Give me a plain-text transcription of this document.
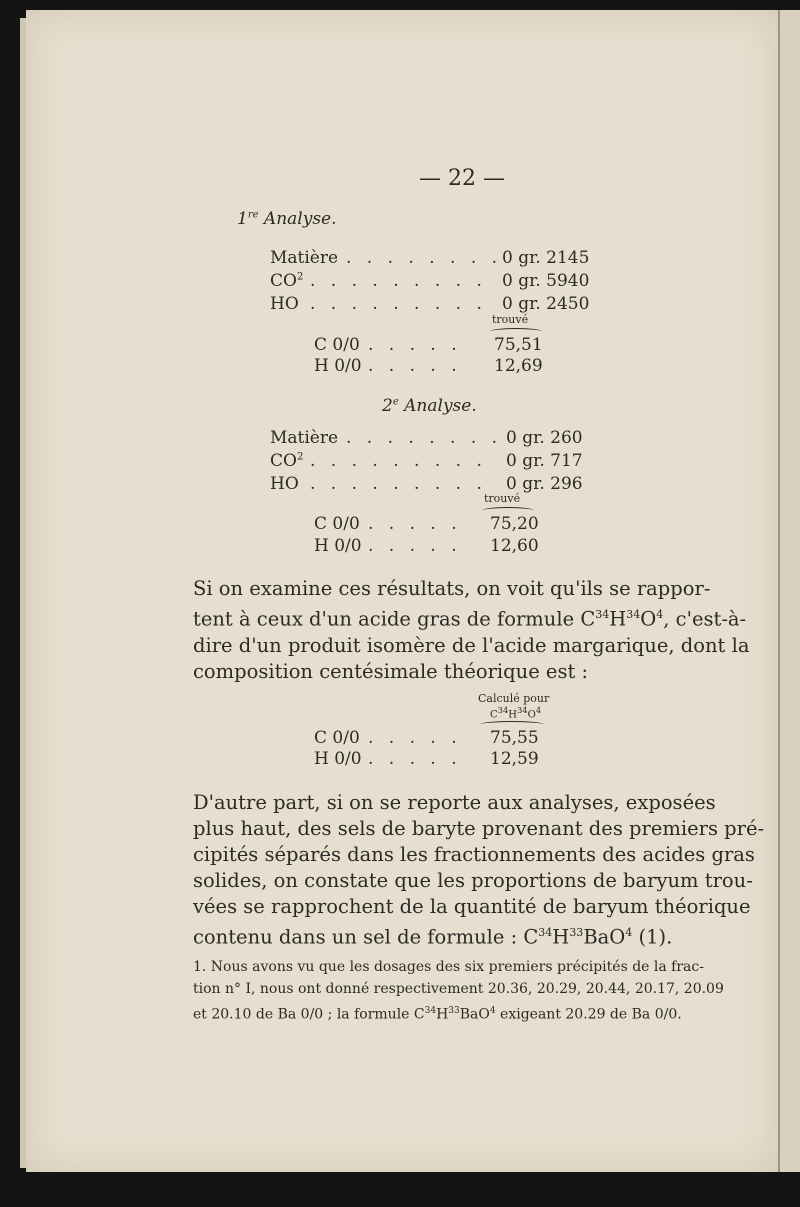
— 22 —
1re Analyse.
Matière . . . . . . . . 0 gr. 2145
$CO^2$ . . . . . . . . . 0 gr. 5940
HO . . . . . . . . . 0 gr. 2450
trouvé
C 0/0 . . . . . 75,51
H 0/0 . . . . . 12,69
2e Analyse.
Matière . . . . . . . . 0 gr. 260
$CO^2$ . . . . . . . . . 0 gr. 717
HO . . . . . . . . . 0 gr. 296
trouvé
C 0/0 . . . . . 75,20
H 0/0 . . . . . 12,60
Si on examine ces résultats, on voit qu'ils se rappor-
tent à ceux d'un acide gras de formule $C^{34}H^{34}O^4$, c'est-à-
dire d'un produit isomère de l'acide margarique, dont la
composition centésimale théorique est :
Calculé pour
$C^{34}H^{34}O^4$
C 0/0 . . . . . 75,55
H 0/0 . . . . . 12,59
D'autre part, si on se reporte aux analyses, exposées
plus haut, des sels de baryte provenant des premiers pré-
cipités séparés dans les fractionnements des acides gras
solides, on constate que les proportions de baryum trou-
vées se rapprochent de la quantité de baryum théorique
contenu dans un sel de formule : $C^{34}H^{33}BaO^4$ (1).
1. Nous avons vu que les dosages des six premiers précipités de la frac-
tion n° I, nous ont donné respectivement 20.36, 20.29, 20.44, 20.17, 20.09
et 20.10 de Ba 0/0 ; la formule $C^{34}H^{33}BaO^4$ exigeant 20.29 de Ba 0/0.
